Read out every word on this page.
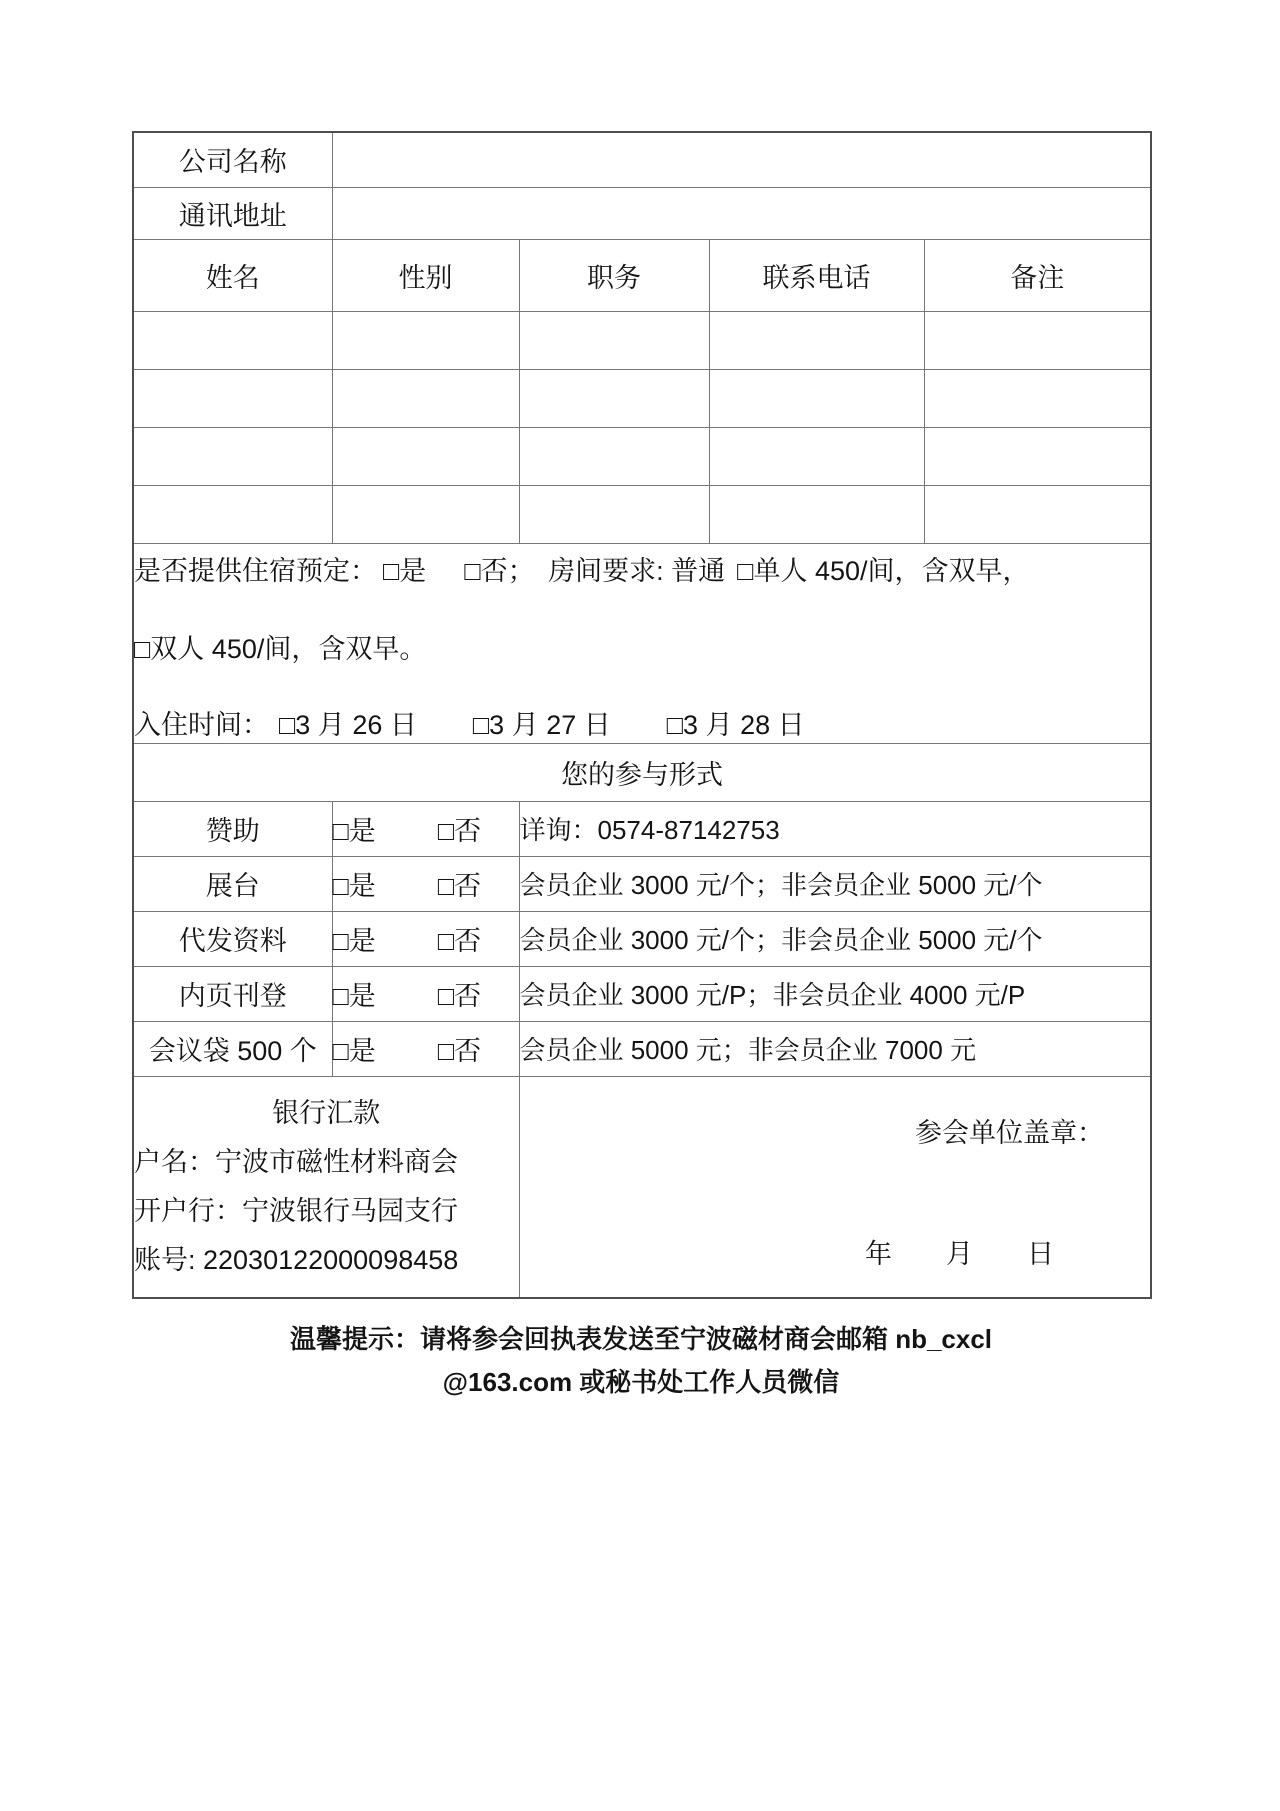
公司名称				
通讯地址				
姓名	性别	职务	联系电话	备注

是否提供住宿预定： □是 □否；　房间要求: 普通 □单人 450/间，含双早，

□双人 450/间，含双早。

入住时间： □3 月 26 日 □3 月 27 日 □3 月 28 日				

您的参与形式				
赞助	□是 □否	详询：0574-87142753		
展台	□是 □否	会员企业 3000 元/个；非会员企业 5000 元/个		
代发资料	□是 □否	会员企业 3000 元/个；非会员企业 5000 元/个		
内页刊登	□是 □否	会员企业 3000 元/P；非会员企业 4000 元/P		
会议袋 500 个	□是 □否	会员企业 5000 元；非会员企业 7000 元		

银行汇款
户名：宁波市磁性材料商会
开户行：宁波银行马园支行
账号: 22030122000098458

参会单位盖章：
年　　月　　日
温馨提示：请将参会回执表发送至宁波磁材商会邮箱 nb_cxcl
@163.com 或秘书处工作人员微信
